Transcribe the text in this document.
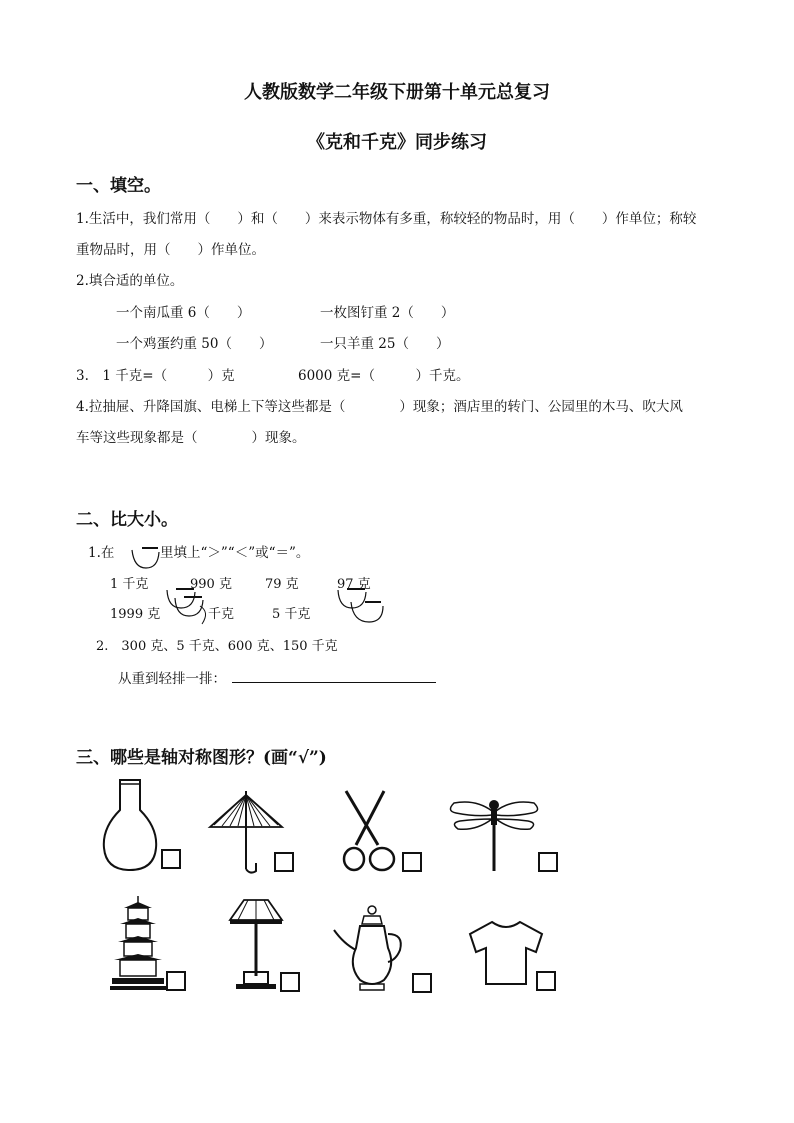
人教版数学二年级下册第十单元总复习
《克和千克》同步练习
一、填空。
1.生活中，我们常用（　　）和（　　）来表示物体有多重，称较轻的物品时，用（　　）作单位；称较
重物品时，用（　　）作单位。
2.填合适的单位。
一个南瓜重 6（　　）	一枚图钉重 2（　　）
一个鸡蛋约重 50（　　）	一只羊重 25（　　）
3.　1 千克=（　　　）克	6000 克=（　　　）千克。
4.拉抽屉、升降国旗、电梯上下等这些都是（　　　　）现象；酒店里的转门、公园里的木马、吹大风
车等这些现象都是（　　　　）现象。
二、比大小。
1.在	里填上“＞”“＜”或“＝”。
1 千克	990 克	79 克	97 克
1999 克	千克	5 千克
2.　300 克、5 千克、600 克、150 千克
从重到轻排一排：
三、哪些是轴对称图形？(画“√”)
